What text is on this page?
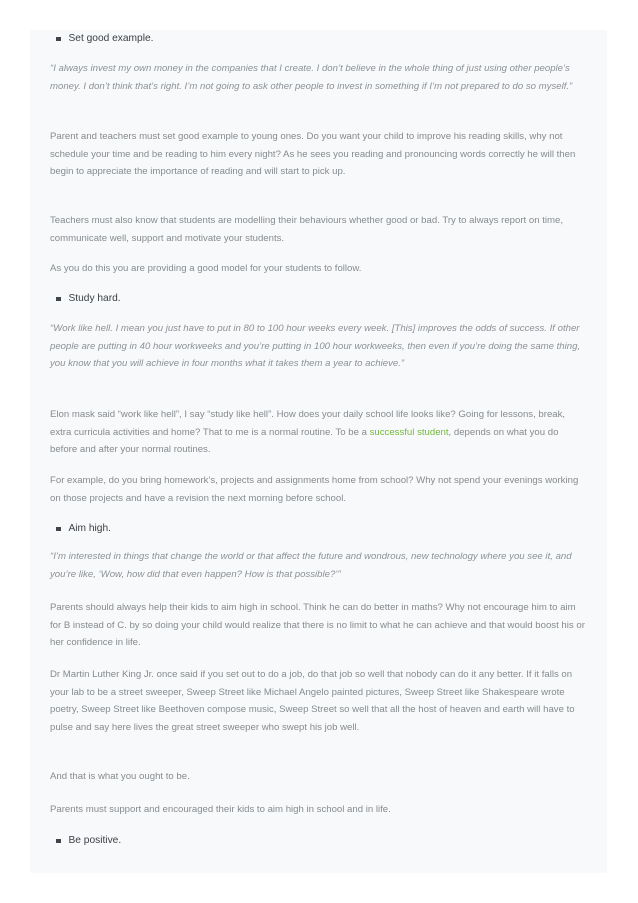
Set good example.

“I always invest my own money in the companies that I create. I don’t believe in the whole thing of just using other people’s money. I don’t think that’s right. I’m not going to ask other people to invest in something if I’m not prepared to do so myself.”

Parent and teachers must set good example to young ones. Do you want your child to improve his reading skills, why not schedule your time and be reading to him every night? As he sees you reading and pronouncing words correctly he will then begin to appreciate the importance of reading and will start to pick up.

Teachers must also know that students are modelling their behaviours whether good or bad. Try to always report on time, communicate well, support and motivate your students.

As you do this you are providing a good model for your students to follow.

Study hard.

“Work like hell. I mean you just have to put in 80 to 100 hour weeks every week. [This] improves the odds of success. If other people are putting in 40 hour workweeks and you’re putting in 100 hour workweeks, then even if you’re doing the same thing, you know that you will achieve in four months what it takes them a year to achieve.”

Elon mask said “work like hell”, I say “study like hell”. How does your daily school life looks like? Going for lessons, break, extra curricula activities and home? That to me is a normal routine. To be a successful student, depends on what you do before and after your normal routines.

For example, do you bring homework’s, projects and assignments home from school? Why not spend your evenings working on those projects and have a revision the next morning before school.

Aim high.

“I’m interested in things that change the world or that affect the future and wondrous, new technology where you see it, and you’re like, ‘Wow, how did that even happen? How is that possible?’”

Parents should always help their kids to aim high in school. Think he can do better in maths? Why not encourage him to aim for B instead of C. by so doing your child would realize that there is no limit to what he can achieve and that would boost his or her confidence in life.

Dr Martin Luther King Jr. once said if you set out to do a job, do that job so well that nobody can do it any better. If it falls on your lab to be a street sweeper, Sweep Street like Michael Angelo painted pictures, Sweep Street like Shakespeare wrote poetry, Sweep Street like Beethoven compose music, Sweep Street so well that all the host of heaven and earth will have to pulse and say here lives the great street sweeper who swept his job well.

And that is what you ought to be.

Parents must support and encouraged their kids to aim high in school and in life.

Be positive.
